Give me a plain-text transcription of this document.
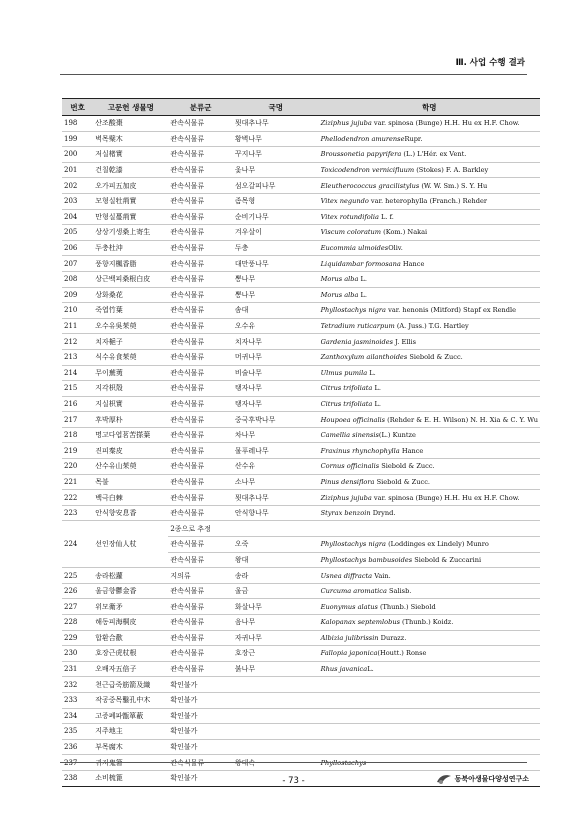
Ⅲ. 사업 수행 결과
번호	고문헌 생물명	분류군	국명	학명
198	산조酸棗	관속식물류	묏대추나무	Ziziphus jujuba var. spinosa (Bunge) H.H. Hu ex H.F. Chow.
199	벽목檗木	관속식물류	황벽나무	Phellodendron amurenseRupr.
200	저실楮實	관속식물류	꾸지나무	Broussonetia papyrifera (L.) L'Hér. ex Vent.
201	건칠乾漆	관속식물류	옻나무	Toxicodendron vernicifluum (Stokes) F. A. Barkley
202	오가피五加皮	관속식물류	섬오갈피나무	Eleutherococcus gracilistylus (W. W. Sm.) S. Y. Hu
203	모형실牡荊實	관속식물류	좀목형	Vitex negundo var. heterophylla (Franch.) Rehder
204	만형실蔓荊實	관속식물류	순비기나무	Vitex rotundifolia L. f.
205	상상기생桑上寄生	관속식물류	겨우살이	Viscum coloratum (Kom.) Nakai
206	두충杜沖	관속식물류	두충	Eucommia ulmoidesOliv.
207	풍향지楓香脂	관속식물류	대만풍나무	Liquidambar formosana Hance
208	상근백피桑根白皮	관속식물류	뽕나무	Morus alba L.
209	상화桑花	관속식물류	뽕나무	Morus alba L.
210	죽엽竹葉	관속식물류	솜대	Phyllostachys nigra var. henonis (Mitford) Stapf ex Rendle
211	오수유吳茱萸	관속식물류	오수유	Tetradium ruticarpum (A. Juss.) T.G. Hartley
212	치자梔子	관속식물류	치자나무	Gardenia jasminoides J. Ellis
213	식수유食茱萸	관속식물류	머귀나무	Zanthoxylum ailanthoides Siebold & Zucc.
214	무이蕪荑	관속식물류	비술나무	Ulmus pumila L.
215	지각枳殼	관속식물류	탱자나무	Citrus trifoliata L.
216	지실枳實	관속식물류	탱자나무	Citrus trifoliata L.
217	후박厚朴	관속식물류	중국후박나무	Houpoea officinalis (Rehder & E. H. Wilson) N. H. Xia & C. Y. Wu
218	명고다엽茗苦搽葉	관속식물류	차나무	Camellia sinensis(L.) Kuntze
219	진피秦皮	관속식물류	물푸레나무	Fraxinus rhynchophylla Hance
220	산수유山茱萸	관속식물류	산수유	Cornus officinalis Siebold & Zucc.
221	목불	관속식물류	소나무	Pinus densiflora Siebold & Zucc.
222	백극白棘	관속식물류	묏대추나무	Ziziphus jujuba var. spinosa (Bunge) H.H. Hu ex H.F. Chow.
223	안식향安息香	관속식물류	안식향나무	Styrax benzoin Drynd.
224	선인장仙人杖	2종으로 추정		
		관속식물류	오죽	Phyllostachys nigra (Loddinges ex Lindely) Munro
		관속식물류	왕대	Phyllostachys bambusoides Siebold & Zuccarini
225	송라松蘿	지의류	송라	Usnea diffracta Vain.
226	울금향鬱金香	관속식물류	울금	Curcuma aromatica Salisb.
227	위모衛矛	관속식물류	화살나무	Euonymus alatus (Thunb.) Siebold
228	해동피海桐皮	관속식물류	음나무	Kalopanax septemlobus (Thunb.) Koidz.
229	합환合歡	관속식물류	자귀나무	Albizia julibrissin Durazz.
230	호장근虎杖根	관속식물류	호장근	Fallopia japonica(Houtt.) Ronse
231	오배자五倍子	관속식물류	붉나무	Rhus javanicaL.
232	천근급죽筋箭及織	확인불가		
233	작공중목鑿孔中木	확인불가		
234	고증폐파甑箪蔽	확인불가		
235	지주地主	확인불가		
236	부목腐木	확인불가		
237	귀저鬼箸	관속식물류	왕대속	Phyllostachys
238	소비梳篦	확인불가			- 73 -	동북아생물다양성연구소
